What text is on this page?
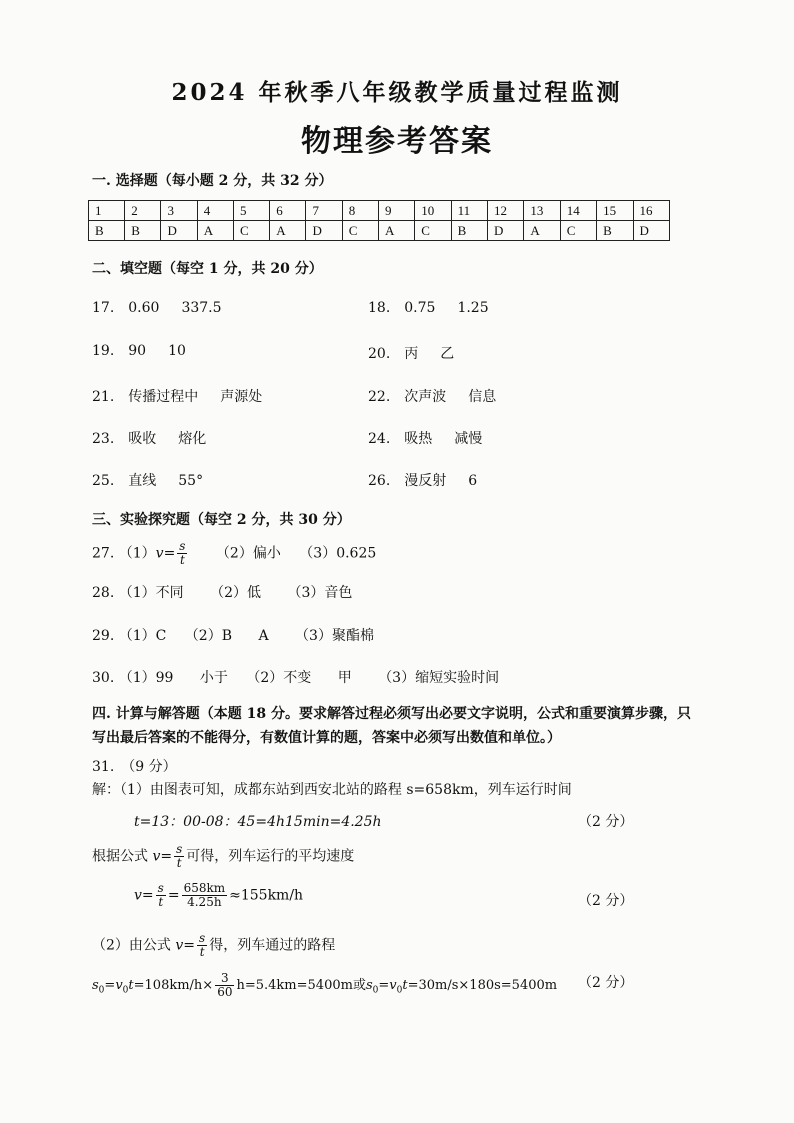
2024 年秋季八年级教学质量过程监测
物理参考答案
一. 选择题（每小题 2 分，共 32 分）
1	2	3	4	5	6	7	8	9	10	11	12	13	14	15	16
B	B	D	A	C	A	D	C	A	C	B	D	A	C	B	D
二、填空题（每空 1 分，共 20 分）
17. 0.60 337.5	18. 0.75 1.25
19. 90 10	20. 丙 乙
21. 传播过程中 声源处	22. 次声波 信息
23. 吸收 熔化	24. 吸热 减慢
25. 直线 55°	26. 漫反射 6
三、实验探究题（每空 2 分，共 30 分）
27. $(1)v= \frac{s}{t} (2)$偏小 （3）0.625
28. （1）不同 （2）低 （3）音色
29. （1）C （2）B A （3）聚酯棉
30. （1）99 小于 （2）不变 甲 （3）缩短实验时间
四. 计算与解答题（本题 18 分。要求解答过程必须写出必要文字说明，公式和重要演算步骤，只写出最后答案的不能得分，有数值计算的题，答案中必须写出数值和单位。）
31.　（9 分）
解：（1）由图表可知，成都东站到西安北站的路程 s=658km，列车运行时间
t=13：00-08：45=4h15min=4.25h	（2 分）
根据公式 $v= \frac{s}{t}$ 可得，列车运行的平均速度
$v= \frac{s}{t} = \frac{658km}{4.25h} \approx 155km/h$	（2 分）
（2）由公式 $v= \frac{s}{t}$ 得，列车通过的路程
$s_0=v_0t=108km/h\times \frac{3}{60} h=5.4km=5400m$或$s_0=v_0t=30m/s\times 180s=5400m$ （2 分）
